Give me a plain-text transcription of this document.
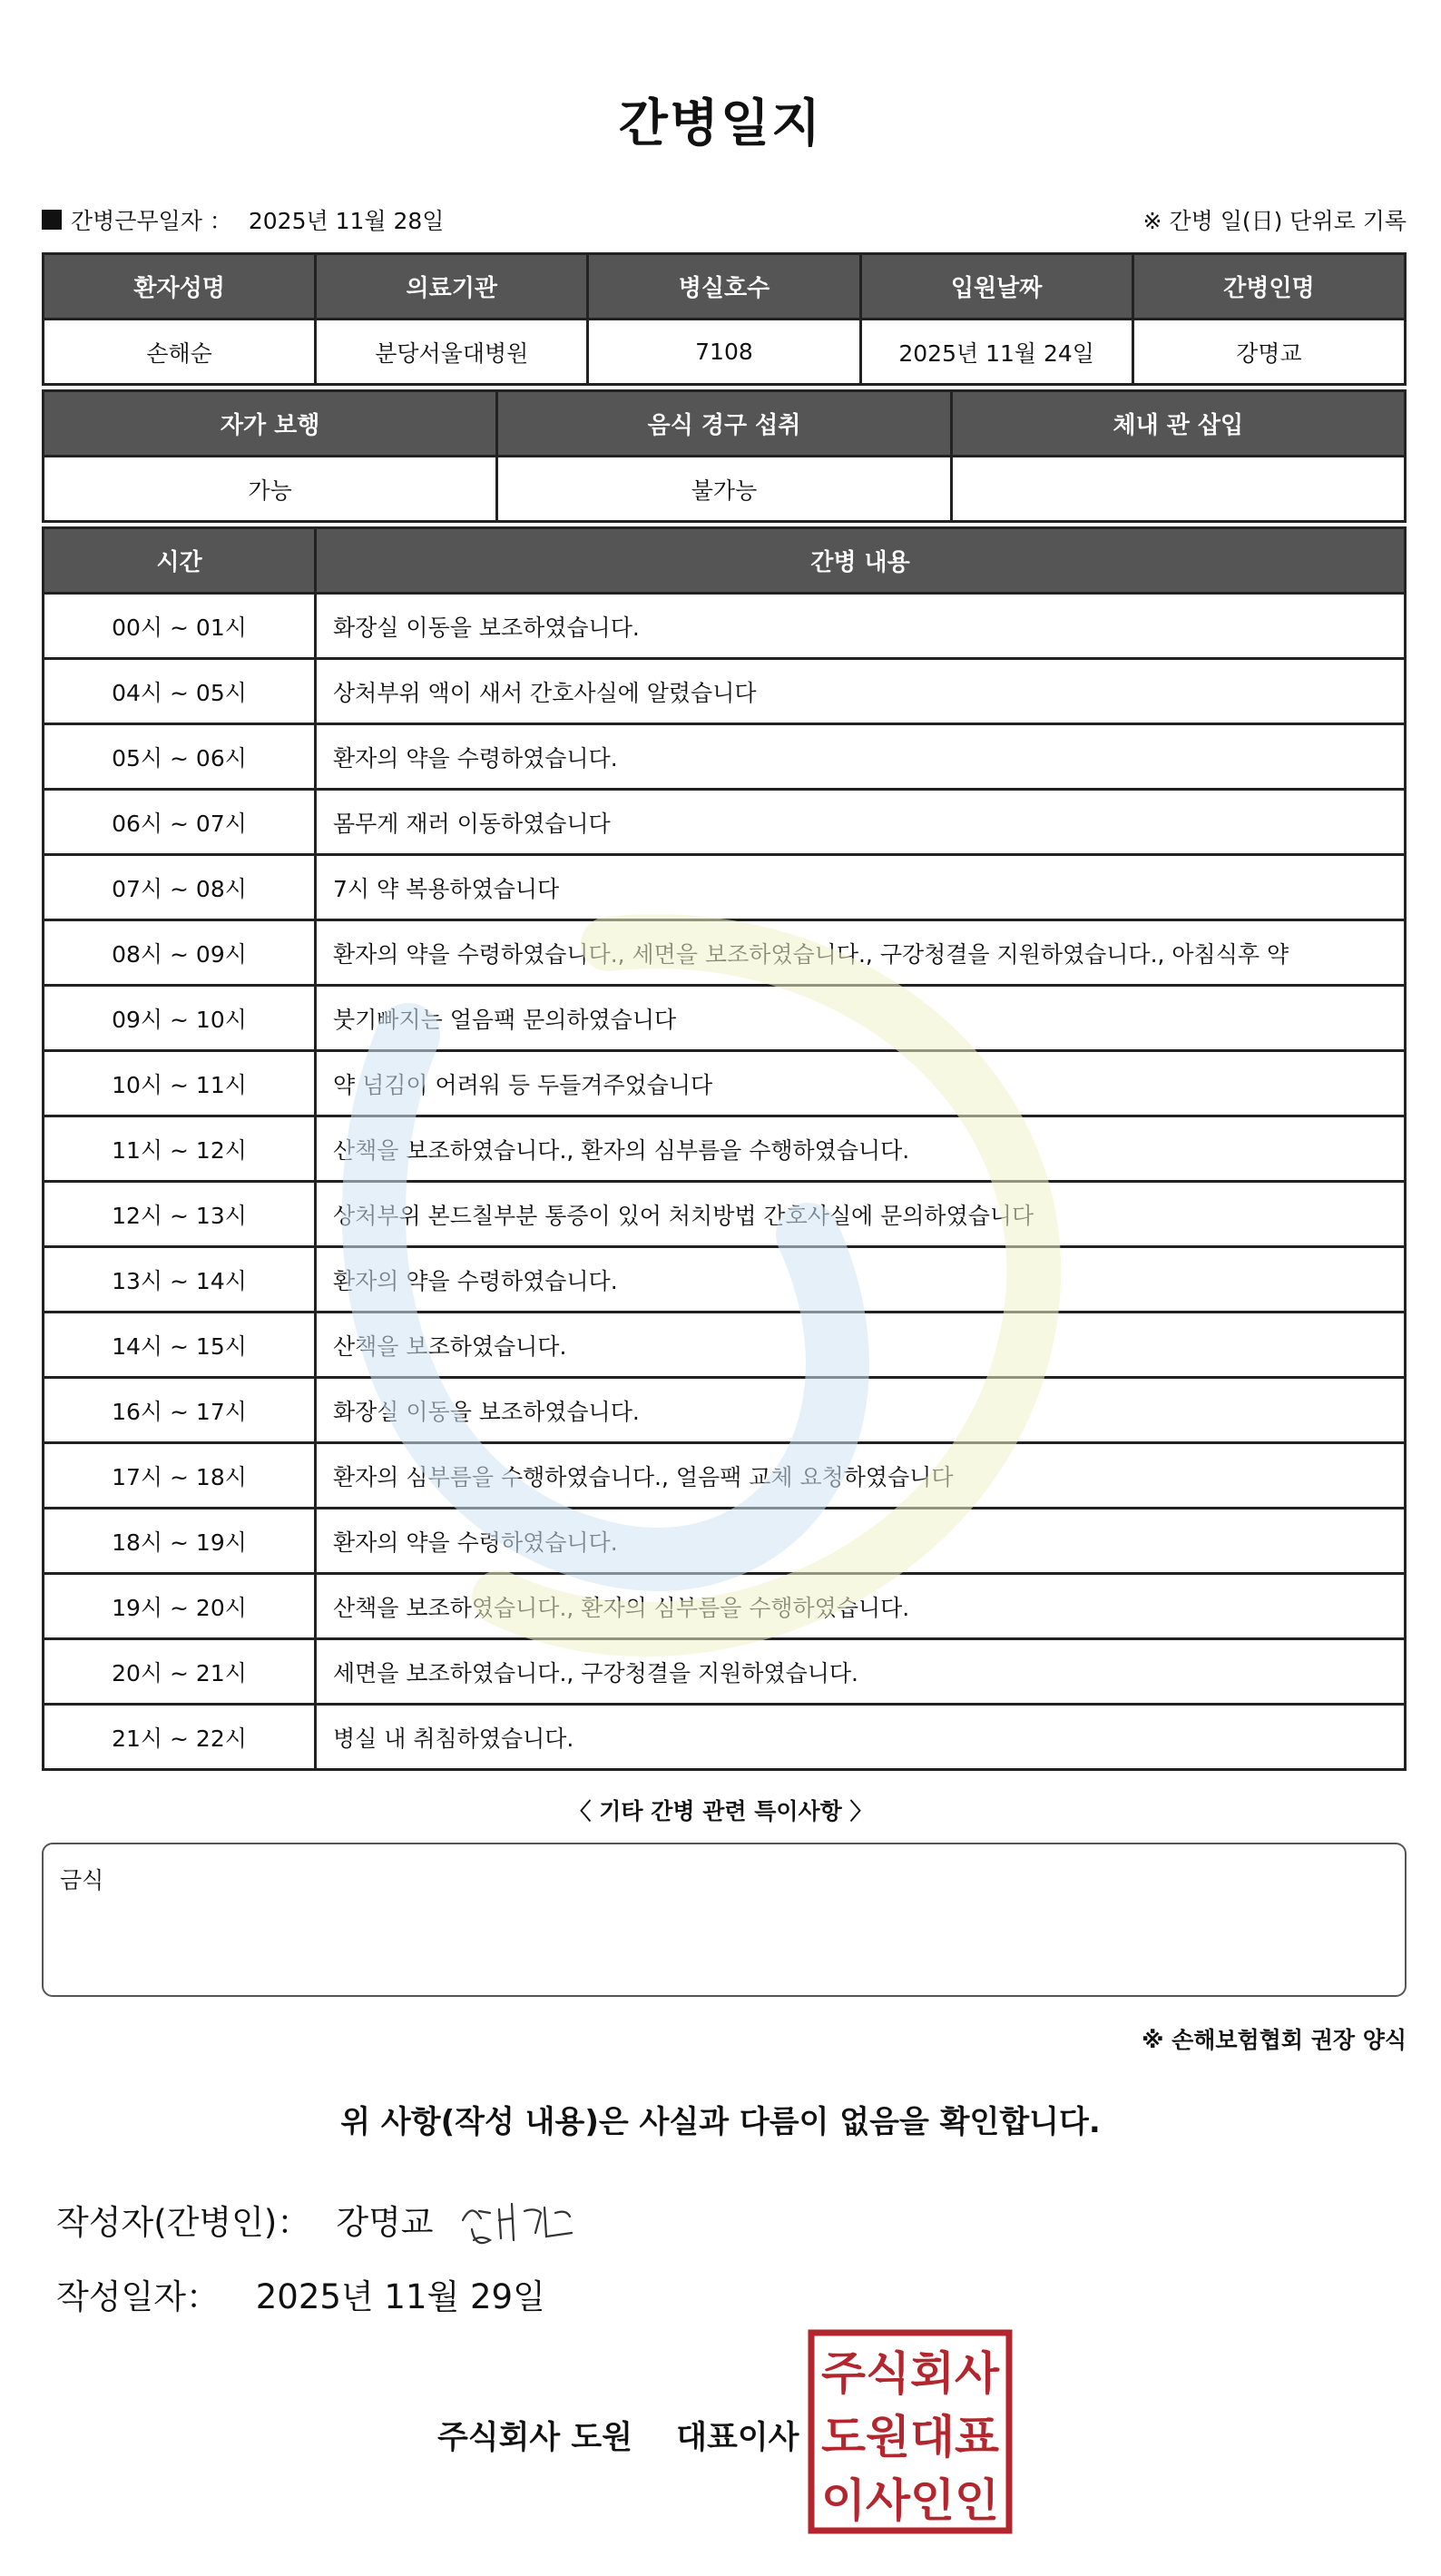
간병일지
간병근무일자 ： 2025년 11월 28일	※ 간병 일(日) 단위로 기록
환자성명	의료기관	병실호수	입원날짜	간병인명
손해순	분당서울대병원	7108	2025년 11월 24일	강명교
자가 보행	음식 경구 섭취	체내 관 삽입
가능	불가능	
시간	간병 내용
00시 ~ 01시	화장실 이동을 보조하였습니다.
04시 ~ 05시	상처부위 액이 새서 간호사실에 알렸습니다
05시 ~ 06시	환자의 약을 수령하였습니다.
06시 ~ 07시	몸무게 재러 이동하였습니다
07시 ~ 08시	7시 약 복용하였습니다
08시 ~ 09시	환자의 약을 수령하였습니다., 세면을 보조하였습니다., 구강청결을 지원하였습니다., 아침식후 약
09시 ~ 10시	붓기빠지는 얼음팩 문의하였습니다
10시 ~ 11시	약 넘김이 어려워 등 두들겨주었습니다
11시 ~ 12시	산책을 보조하였습니다., 환자의 심부름을 수행하였습니다.
12시 ~ 13시	상처부위 본드칠부분 통증이 있어 처치방법 간호사실에 문의하였습니다
13시 ~ 14시	환자의 약을 수령하였습니다.
14시 ~ 15시	산책을 보조하였습니다.
16시 ~ 17시	화장실 이동을 보조하였습니다.
17시 ~ 18시	환자의 심부름을 수행하였습니다., 얼음팩 교체 요청하였습니다
18시 ~ 19시	환자의 약을 수령하였습니다.
19시 ~ 20시	산책을 보조하였습니다., 환자의 심부름을 수행하였습니다.
20시 ~ 21시	세면을 보조하였습니다., 구강청결을 지원하였습니다.
21시 ~ 22시	병실 내 취침하였습니다.
〈 기타 간병 관련 특이사항 〉
금식
※ 손해보험협회 권장 양식
위 사항(작성 내용)은 사실과 다름이 없음을 확인합니다.
작성자(간병인)： 강명교
작성일자： 2025년 11월 29일
주식회사 도원 대표이사
주식회사
도원대표
이사인인
